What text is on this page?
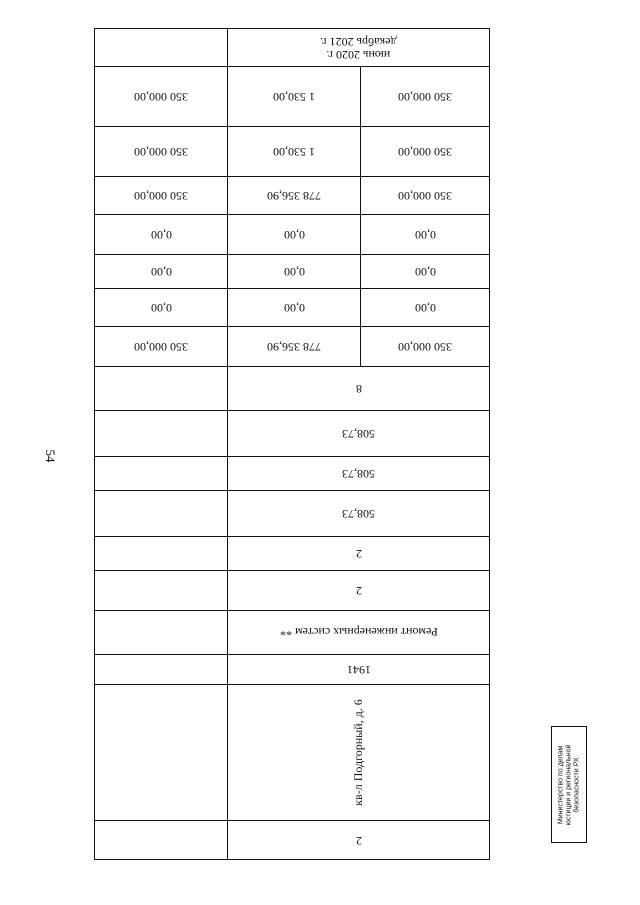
54
июнь 2020 г.
декабрь 2021 г.
350 000,00	1 530,00	350 000,00
350 000,00	1 530,00	350 000,00
350 000,00	778 356,90	350 000,00
0,00	0,00	0,00
0,00	0,00	0,00
0,00	0,00	0,00
350 000,00	778 356,90	350 000,00
8
508,73
508,73
508,73
2
2
Ремонт инженерных систем **
1941
кв-л Подгорный, д. 6
2
Министерство по делам юстиции и региональной безопасности РХ
